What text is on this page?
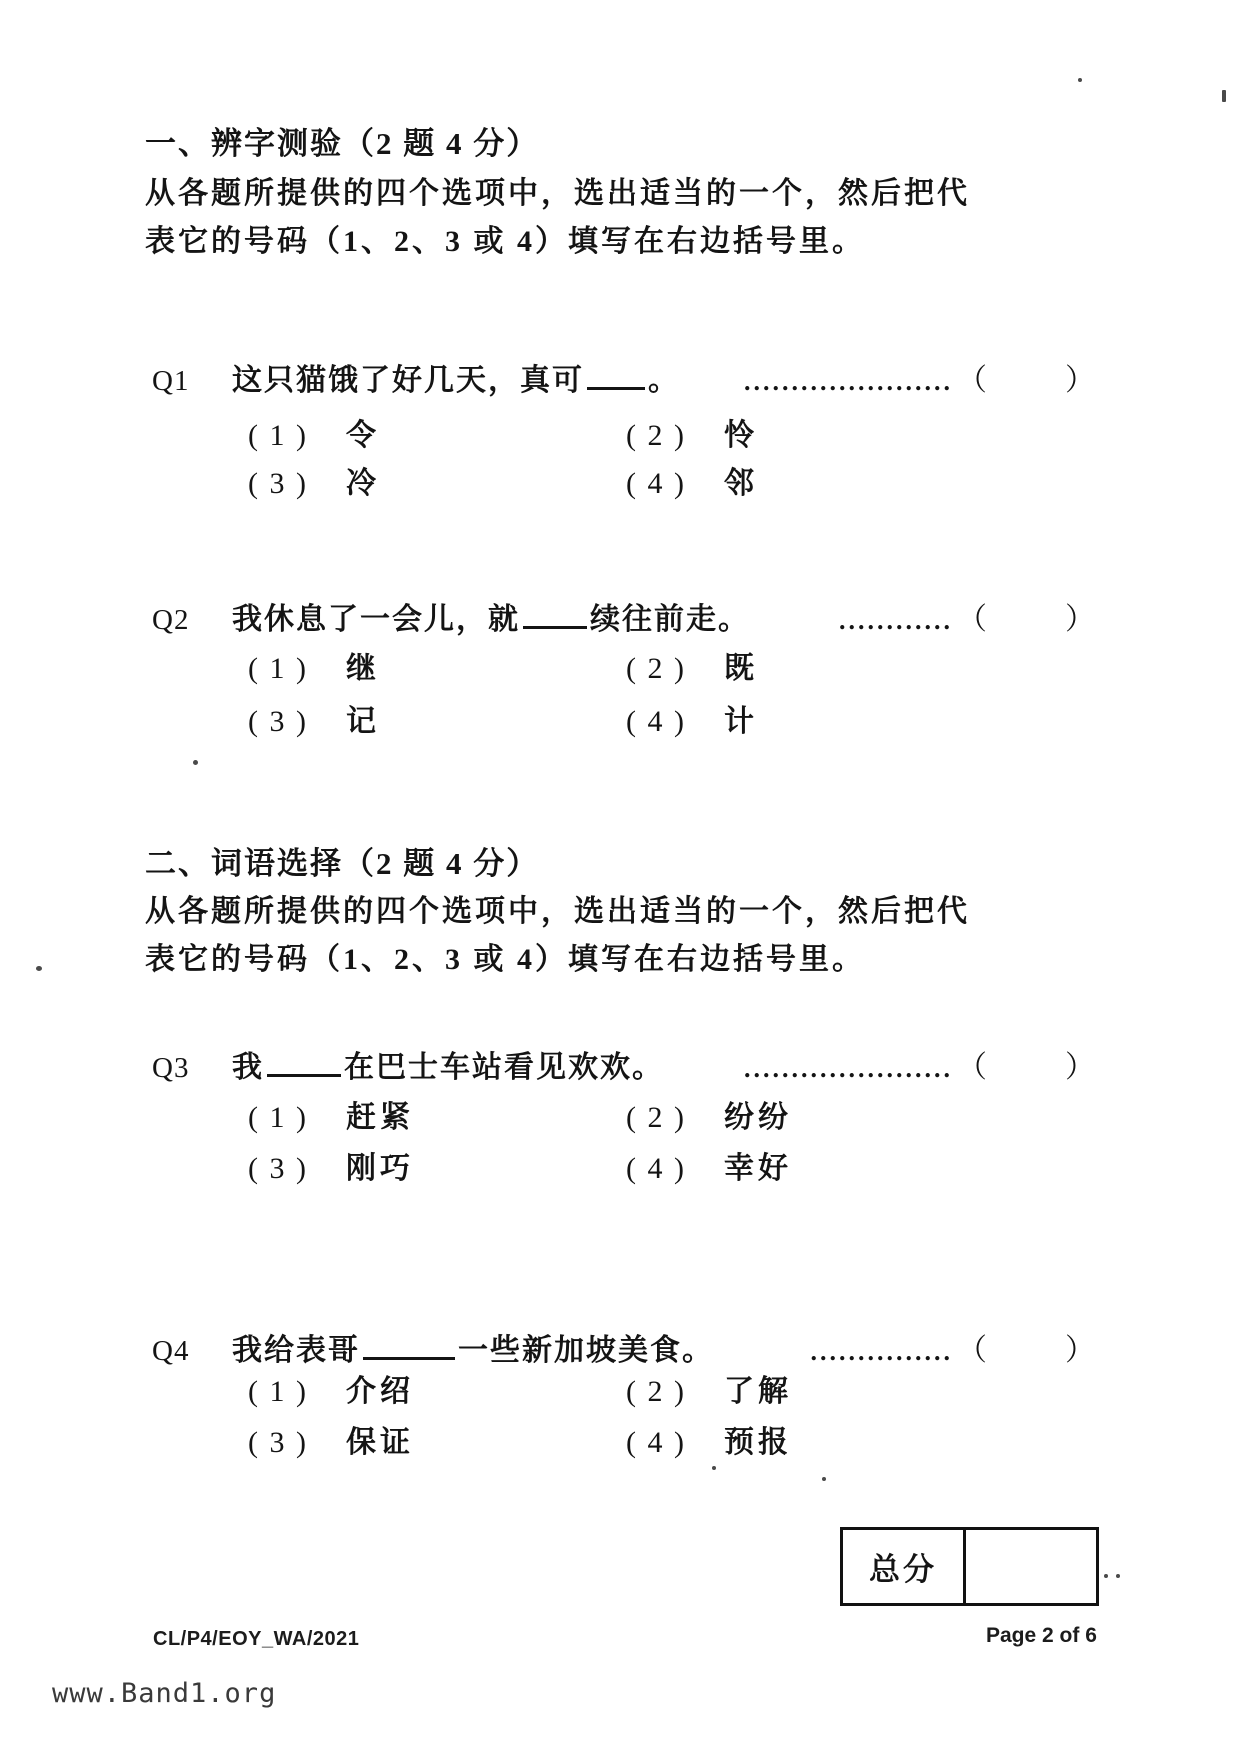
一、辨字测验（2 题 4 分）
从各题所提供的四个选项中，选出适当的一个，然后把代
表它的号码（1、2、3 或 4）填写在右边括号里。
Q1	这只猫饿了好几天，真可 。	...................... （	）
( 1 ) 令	( 2 ) 怜
( 3 ) 冷	( 4 ) 邻
Q2	我休息了一会儿，就 续往前走。	............ （	）
( 1 ) 继	( 2 ) 既
( 3 ) 记	( 4 ) 计
二、词语选择（2 题 4 分）
从各题所提供的四个选项中，选出适当的一个，然后把代
表它的号码（1、2、3 或 4）填写在右边括号里。
Q3	我	在巴士车站看见欢欢。	...................... （	）
( 1 ) 赶紧	( 2 ) 纷纷
( 3 ) 刚巧	( 4 ) 幸好
Q4	我给表哥	一些新加坡美食。	............... （	）
( 1 ) 介绍	( 2 ) 了解
( 3 ) 保证	( 4 ) 预报
总分
CL/P4/EOY_WA/2021	Page 2 of 6
www.Band1.org
